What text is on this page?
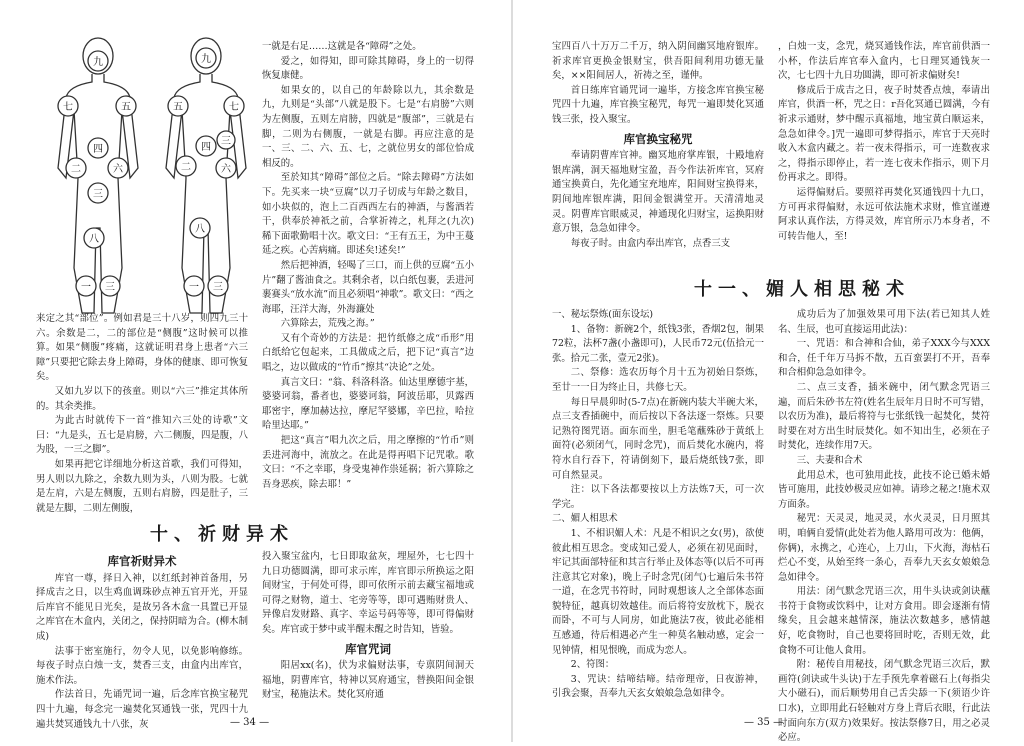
九
七	五
四
二	六
三
八
一 三
九
五	七
四
三
二	六
八
一 三

来定之其“部位”。例如君是三十八岁，则四九三十六。余数是二，二的部位是“侧腹”这时候可以推算。如果“侧腹”疼痛，这就证明君身上患者“六三障”只要把它除去身上障碍，身体的健康、即可恢复矣。

又如九岁以下的孩童。则以“六三”推定其体所的。其余类推。

为此古时就传下一首“推知六三处的诗歌”文曰：“九是头，五七是肩膀，六二侧腹，四是腹，八为股，一三之脚”。

如果再把它详细地分析这首歌，我们可得知，男人则以九除之，余数九则为头，八则为股。七就是左肩，六是左侧腹，五则右肩膀，四是肚子，三就是左脚，二则左侧腹，

一就是右足……这就是各“障碍”之处。

爱之，如得知，即可除其障碍，身上的一切得恢复康健。

如果女的，以自己的年龄除以九，其余数是九，九则是“头部”八就是股下。七是“右肩膀”六则为左侧腹，五则左肩膀，四就是“腹部”，三就是右脚，二则为右侧腹，一就是右脚。再应注意的是一、三、二、六、五、七，之就位男女的部位恰成相反的。

至於知其“障碍”部位之后。“除去障碍”方法如下。先买来一块“豆腐”以刀子切成与年龄之数目，如小块似的，泡上二百西西左右的神酒，与酱酒若干，供奉於神祇之前，合掌祈祷之，札拜之(九次)稀下面歌勤唱十次。歌文曰：“王有五王，为中王蔓延之疾。心苦病痛。即述矣!述矣!”

然后把神酒，轻喝了三口，而上供的豆腐“五小片”翻了酱油食之。其剩余者，以白纸包裹，丢进河裹赛头“放水流”而且必须唱“神歌”。歌文曰：“西之海耶，汪洋大海，外海濂处

六算除去，荒残之海。”

又有个奇妙的方法是：把竹纸修之成“币形”用白纸给它包起来，工具做成之后，把下记“真言”边唱之，边以做成的“竹币”擦其“决论”之处。

真言文曰：“翁、科洛科洛。仙达里摩德宇基，婆婆诃翁，番者也，婆婆诃翁，阿波岳耶，贝露西耶密宇，摩加赫达拉，摩尼罕婆娜，辛巴拉，哈拉哈里达耶。”

把这“真言”唱九次之后，用之摩擦的“竹币”则丢进河海中，流放之。在此是得再唱下记咒歌。歌文曰：“不之幸耶，身受鬼神作祟延祸；祈六算除之吾身恶疾，除去耶！”

十、祈财异术
库官祈财异术

库官一尊，择日入神，以红纸封神首备用，另择成吉之日，以生鸡血调珠砂点神五官开光，开显后库官不能见日光矣，是故另各木盒一具置已开显之库官在木盒内，关闭之，保持阴暗为合。(柳木制成)

法事于密室施行，勿令人见，以免影响修练。每夜子时点白烛一支，焚香三支，由盒内出库官，施术作法。

作法首日，先诵咒词一遍，后念库官换宝秘咒四十九遍，每念完一遍焚化冥通钱一张，咒四十九遍共焚冥通钱九十八张，灰

投入聚宝盆内，七日即取盆灰，埋屋外，七七四十九日功德圆满，即可求示库，库官即示所换运之阳间财宝，于何处可得，即可依所示前去藏宝福地或可得之财物，道士、宅旁等等，即可遇贿财贵人、异像启发财路、真字、幸运号码等等，即可得偏财矣。库官或于梦中或半醒未醒之时告知，皆验。

库官咒词

阳居xx(名)，伏为求偏财法事，专禀阴间洞天福地，阴曹库官，特神以冥府通宝，替换阳间金银财宝，秘施法术。焚化冥府通

— 34 —

宝四百八十万万二千万，纳入阴间幽冥地府银库。祈求库官更换金银财宝，供吾阳间利用功德无量矣，××阳间居人，祈祷之至，谨伸。

首日练库官诵咒词一遍毕，方接念库官换宝秘咒四十九遍，库官换宝秘咒，每咒一遍即焚化冥通钱三张，投入聚宝。

库官换宝秘咒

奉请阴曹库官神。幽冥地府掌库银，十殿地府银库满，洞天福地财宝盈，吾今作法祈库官，冥府通宝换黄白，先化通宝充地库，阳间财宝换得来，阴间地库银库满，阳间金银满堂开。天清清地灵灵。阴曹库官眼威灵，神通现化归财宝，运换阳财意万银，急急如律令。

每夜子时。由盒内奉出库官，点香三支

，白烛一支，念咒，烧冥通钱作法，库官前供酒一小杯，作法后库官奉入盒内，七日理冥通钱灰一次，七七四十九日功圆满，即可祈求偏财矣!

修成后于成吉之日，夜子时焚香点烛，奉请出库官，供酒一杯，咒之日：r吾化冥通已圆满，今有祈求示通财，梦中醒示真福地，地宝黄白顺运来，急急如律令。]咒一遍即可梦得指示，库官于天亮时收入木盒内藏之。若一夜未得指示，可一连数夜求之，得指示即停止，若一连七夜未作指示，则下月份再求之。即得。

运得偏财后。要照祥再焚化冥通钱四十九口，方可再求得偏财，永远可依法施术求财，惟宜谨遵阿求认真作法，方得灵效，库官所示乃本身者，不可转告他人，至!

十一、媚人相思秘术

一、秘坛祭炼(面东设坛)

1、备物：新碗2个，纸钱3张，香烟2包，制果72粒，法杯7盏(小盏即可)，人民币72元(伍拾元一张。拾元二张，壹元2张)。

二、祭修：选农历每个月十五为初始日祭炼，至廿一一日为终止日，共修七天。

每日早晨卯时(5-7点)在新碗内装大半碗大米，点三支香插碗中，而后按以下各法逐一祭炼。只要记熟符图咒语。面东而坐，胆毛笔蘸殊砂于黄纸上面符(必须闭气，同时念咒)，而后焚化水碗内，将符水自行吞下，符请倒刻下，最后烧纸钱7张，即可自然显灵。

注：以下各法都要按以上方法炼7天，可一次学完。

二、媚人相思术

1、不相识媚人术：凡是不相识之女(男)，欲使彼此相互思念。变成知己爱人，必须在初见面时，牢记其面部特征和其言行举止及体态等(以后不可再注意其它对象)，晚上子时念咒(闭气)七遍后朱书符一道，在念咒书符时，同时观想该人之全部体态面貌特征，越真切效越佳。而后将符安放枕下，脱衣而卧，不可与人同房，如此施法7夜，彼此必能相互感通，待后相遇必产生一种莫名触动感，定会一见钟情，相见恨晚，而成为恋人。

2、符图：

3、咒诀：结啼结啼。结帝理帝，日夜游神，引我会聚，吾奉九天玄女娘娘急急如律令。

成功后为了加强效果可用下法(若已知其人姓名、生辰，也可直接运用此法)：

一、咒语：和合神和合仙，弟子XXX今与XXX和合，任千年万马拆不散，五百蛮罢打不开，吾奉和合相仰急急如律令。

二、点三支香，插米碗中，闭气默念咒语三遍，而后朱砂书左符(姓名生辰年月日时不可写错，以农历为准)，最后将符与七张纸钱一起焚化，焚符时要在对方出生时辰焚化。如不知出生，必须在子时焚化，连续作用7天。

三、夫妻和合术

此用总术，也可独用此技，此技不论已婚未婚皆可施用，此技妙极灵应如神。请珍之秘之!施术双方面条。

秘咒：天灵灵，地灵灵，水火灵灵，日月照其明，咱俩自爱情(此处若为他人路用可改为：他俩，你俩)，永携之，心连心，上刀山，下火海，海枯石烂心不变，从始至终一条心，吾奉九天玄女娘娘急急如律令。

用法：闭气默念咒语三次，用牛头诀或剑诀蘸书符于食物或饮料中，让对方食用。即会逐渐有情缘矣，且会越来越情深，施法次数越多，感情越好，吃食物时，自己也要将回时吃，否则无效，此食物不可让他人食用。

附：秘传自用秘技，闭气默念咒语三次后，默画符(剑诀或牛头诀)于左手预先拿着磁石上(每指尖大小磁石)，而后顺势用自己舌尖舔一下(须语少许口水)，立即用此石轻触对方身上背后衣眼，行此法时面向东方(双方)效果好。按法祭修7日，用之必灵必应。

— 35 —
